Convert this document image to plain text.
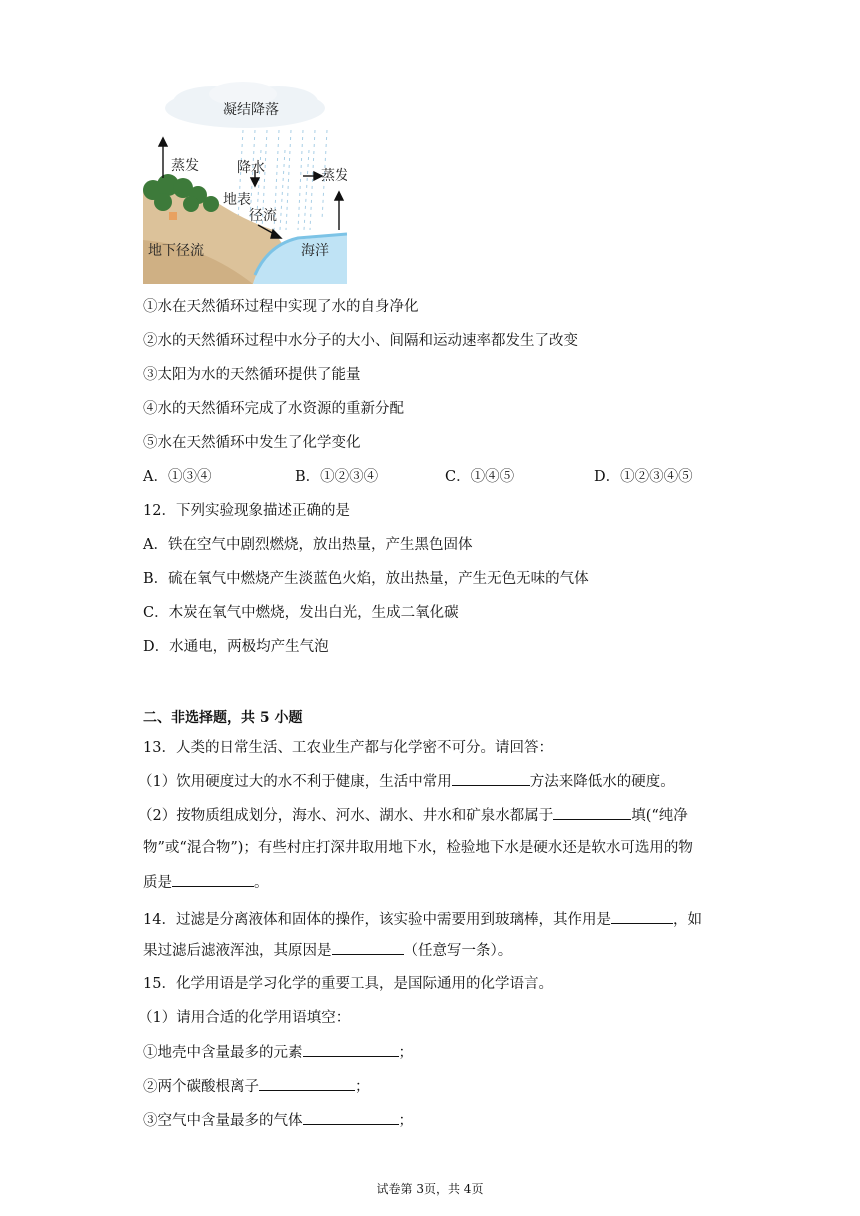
凝结降落
蒸发	降水	蒸发
地表
径流
地下径流	海洋
①水在天然循环过程中实现了水的自身净化
②水的天然循环过程中水分子的大小、间隔和运动速率都发生了改变
③太阳为水的天然循环提供了能量
④水的天然循环完成了水资源的重新分配
⑤水在天然循环中发生了化学变化
A．①③④	B．①②③④	C．①④⑤	D．①②③④⑤
12．下列实验现象描述正确的是
A．铁在空气中剧烈燃烧，放出热量，产生黑色固体
B．硫在氧气中燃烧产生淡蓝色火焰，放出热量，产生无色无味的气体
C．木炭在氧气中燃烧，发出白光，生成二氧化碳
D．水通电，两极均产生气泡
二、非选择题，共 5 小题
13．人类的日常生活、工农业生产都与化学密不可分。请回答：
（1）饮用硬度过大的水不利于健康，生活中常用	方法来降低水的硬度。
（2）按物质组成划分，海水、河水、湖水、井水和矿泉水都属于	填(“纯净
物”或“混合物”)；有些村庄打深井取用地下水，检验地下水是硬水还是软水可选用的物
质是	。
14．过滤是分离液体和固体的操作，该实验中需要用到玻璃棒，其作用是	，如
果过滤后滤液浑浊，其原因是	（任意写一条）。
15．化学用语是学习化学的重要工具，是国际通用的化学语言。
（1）请用合适的化学用语填空：
①地壳中含量最多的元素	；
②两个碳酸根离子	；
③空气中含量最多的气体	；
试卷第 3页，共 4页
